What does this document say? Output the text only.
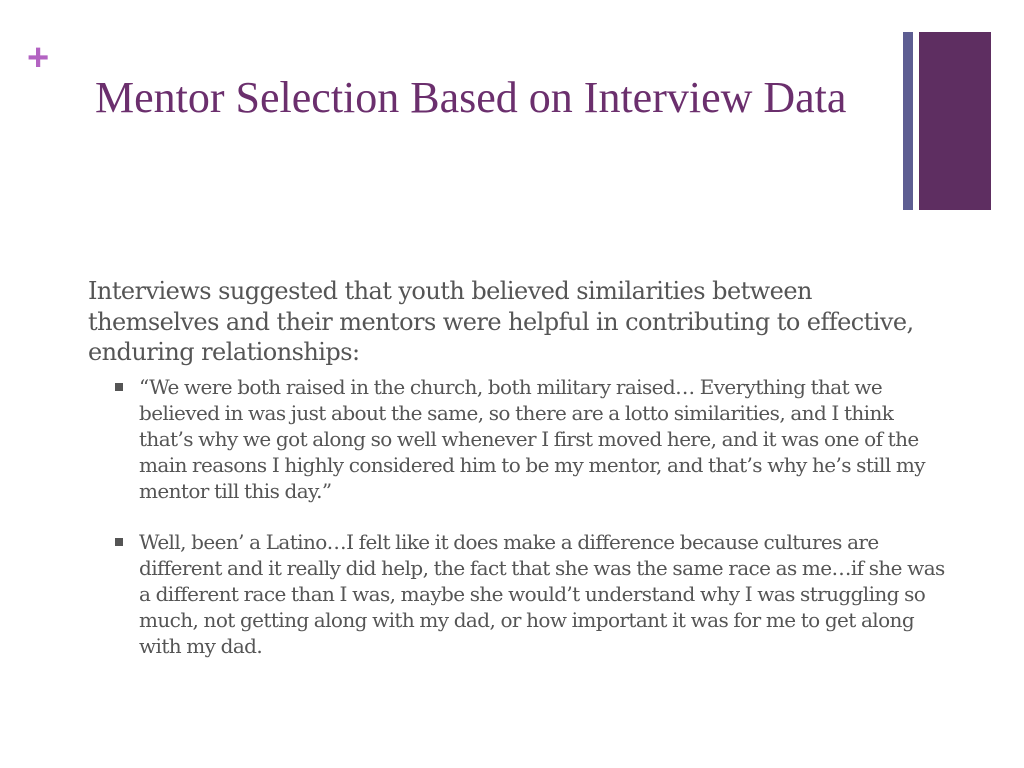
+
Mentor Selection Based on Interview Data

Interviews suggested that youth believed similarities between themselves and their mentors were helpful in contributing to effective, enduring relationships:

“We were both raised in the church, both military raised… Everything that we believed in was just about the same, so there are a lotto similarities, and I think that’s why we got along so well whenever I first moved here, and it was one of the main reasons I highly considered him to be my mentor, and that’s why he’s still my mentor till this day.”
Well, been’ a Latino…I felt like it does make a difference because cultures are different and it really did help, the fact that she was the same race as me…if she was a different race than I was, maybe she would’t understand why I was struggling so much, not getting along with my dad, or how important it was for me to get along with my dad.
